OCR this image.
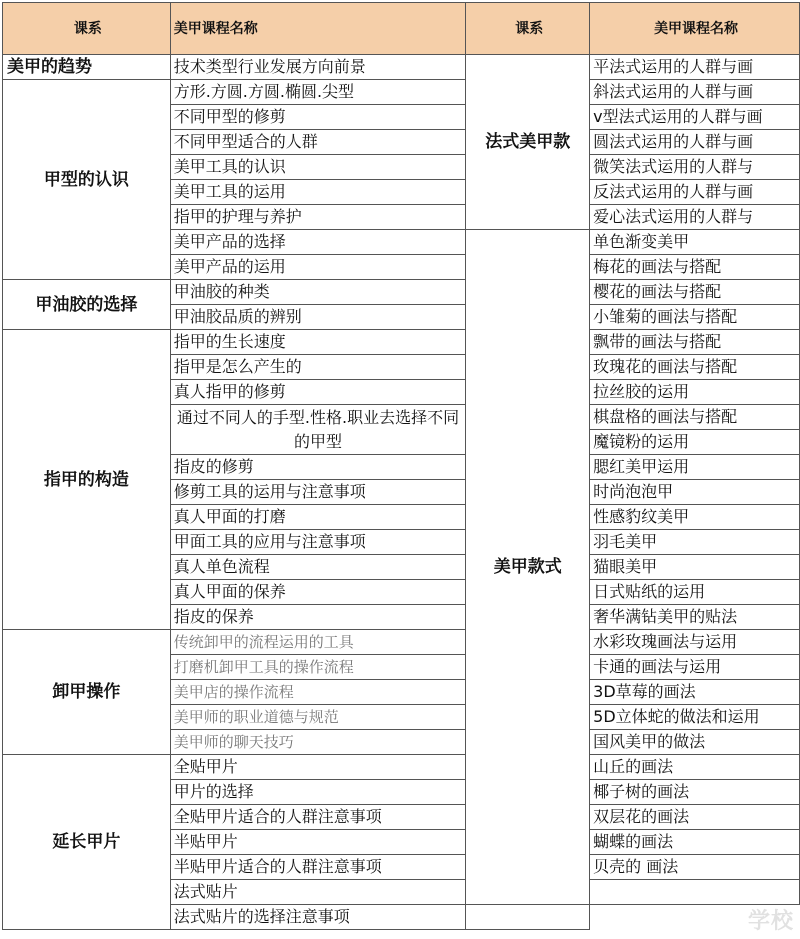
课系	美甲课程名称	课系	美甲课程名称
美甲的趋势	技术类型行业发展方向前景	法式美甲款	平法式运用的人群与画
甲型的认识	方形.方圆.方圆.椭圆.尖型		斜法式运用的人群与画
	不同甲型的修剪		v型法式运用的人群与画
	不同甲型适合的人群		圆法式运用的人群与画
	美甲工具的认识		微笑法式运用的人群与
	美甲工具的运用		反法式运用的人群与画
	指甲的护理与养护		爱心法式运用的人群与
	美甲产品的选择	美甲款式	单色渐变美甲
	美甲产品的运用		梅花的画法与搭配
甲油胶的选择	甲油胶的种类		樱花的画法与搭配
	甲油胶品质的辨别		小雏菊的画法与搭配
指甲的构造	指甲的生长速度		飘带的画法与搭配
	指甲是怎么产生的		玫瑰花的画法与搭配
	真人指甲的修剪		拉丝胶的运用
	通过不同人的手型.性格.职业去选择不同的甲型		棋盘格的画法与搭配
			魔镜粉的运用
	指皮的修剪		腮红美甲运用
	修剪工具的运用与注意事项		时尚泡泡甲
	真人甲面的打磨		性感豹纹美甲
	甲面工具的应用与注意事项		羽毛美甲
	真人单色流程		猫眼美甲
	真人甲面的保养		日式贴纸的运用
	指皮的保养		奢华满钻美甲的贴法
卸甲操作	传统卸甲的流程运用的工具		水彩玫瑰画法与运用
	打磨机卸甲工具的操作流程		卡通的画法与运用
	美甲店的操作流程		3D草莓的画法
	美甲师的职业道德与规范		5D立体蛇的做法和运用
	美甲师的聊天技巧		国风美甲的做法
延长甲片	全贴甲片		山丘的画法
	甲片的选择		椰子树的画法
	全贴甲片适合的人群注意事项		双层花的画法
	半贴甲片		蝴蝶的画法
	半贴甲片适合的人群注意事项		贝壳的 画法
	法式贴片		
	法式贴片的选择注意事项			学校
